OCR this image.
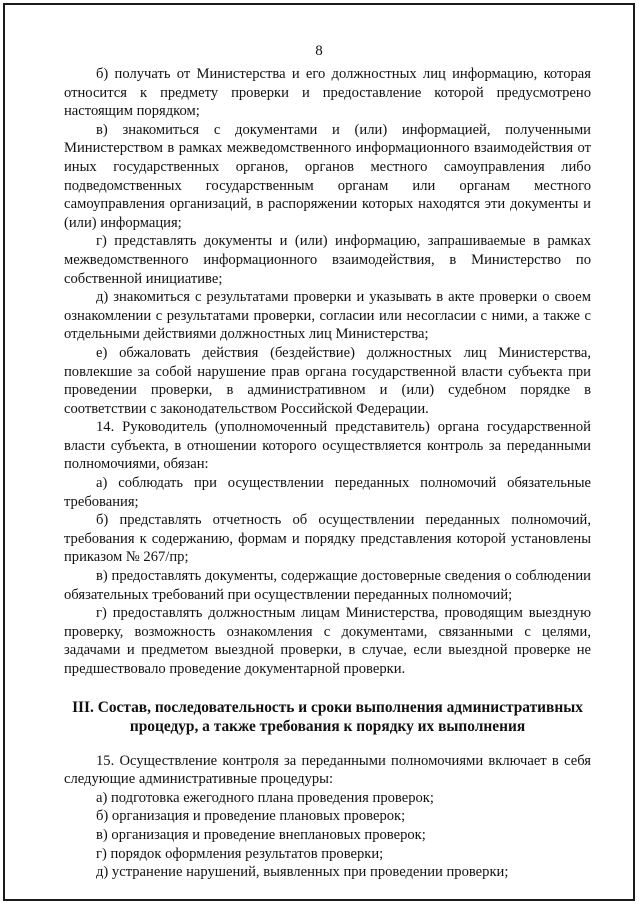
8

б) получать от Министерства и его должностных лиц информацию, которая относится к предмету проверки и предоставление которой предусмотрено настоящим порядком;

в) знакомиться с документами и (или) информацией, полученными Министерством в рамках межведомственного информационного взаимодействия от иных государственных органов, органов местного самоуправления либо подведомственных государственным органам или органам местного самоуправления организаций, в распоряжении которых находятся эти документы и (или) информация;

г) представлять документы и (или) информацию, запрашиваемые в рамках межведомственного информационного взаимодействия, в Министерство по собственной инициативе;

д) знакомиться с результатами проверки и указывать в акте проверки о своем ознакомлении с результатами проверки, согласии или несогласии с ними, а также с отдельными действиями должностных лиц Министерства;

е) обжаловать действия (бездействие) должностных лиц Министерства, повлекшие за собой нарушение прав органа государственной власти субъекта при проведении проверки, в административном и (или) судебном порядке в соответствии с законодательством Российской Федерации.

14. Руководитель (уполномоченный представитель) органа государственной власти субъекта, в отношении которого осуществляется контроль за переданными полномочиями, обязан:

а) соблюдать при осуществлении переданных полномочий обязательные требования;

б) представлять отчетность об осуществлении переданных полномочий, требования к содержанию, формам и порядку представления которой установлены приказом № 267/пр;

в) предоставлять документы, содержащие достоверные сведения о соблюдении обязательных требований при осуществлении переданных полномочий;

г) предоставлять должностным лицам Министерства, проводящим выездную проверку, возможность ознакомления с документами, связанными с целями, задачами и предметом выездной проверки, в случае, если выездной проверке не предшествовало проведение документарной проверки.

III. Состав, последовательность и сроки выполнения административных
процедур, а также требования к порядку их выполнения

15. Осуществление контроля за переданными полномочиями включает в себя следующие административные процедуры:

а) подготовка ежегодного плана проведения проверок;

б) организация и проведение плановых проверок;

в) организация и проведение внеплановых проверок;

г) порядок оформления результатов проверки;

д) устранение нарушений, выявленных при проведении проверки;
